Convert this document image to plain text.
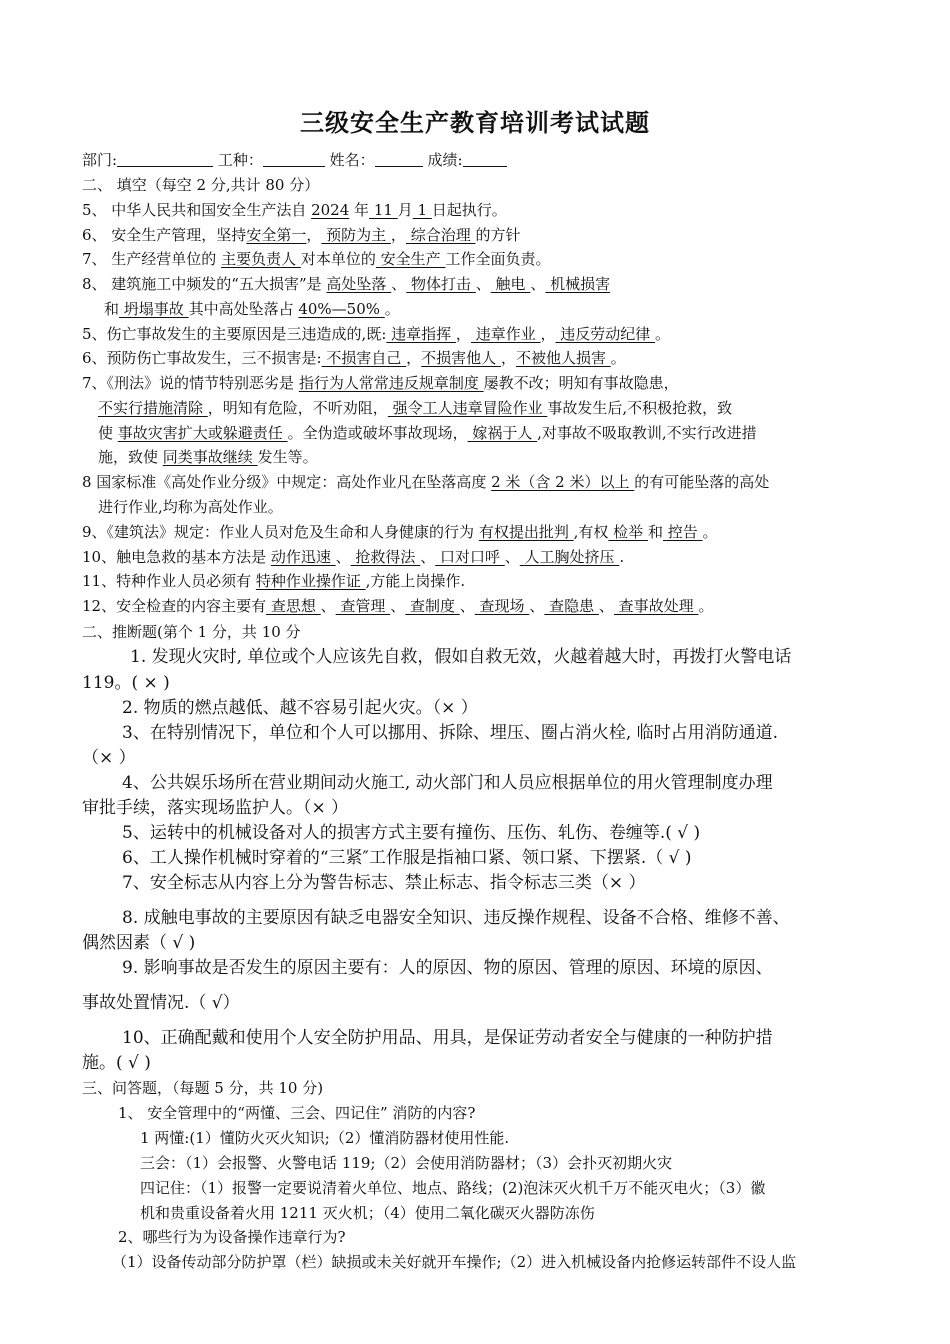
三级安全生产教育培训考试试题
部门:	工种：	姓名：	成绩:
二、 填空（每空 2 分,共计 80 分）
5、 中华人民共和国安全生产法自 2024 年 11 月 1 日起执行。
6、 安全生产管理，坚持安全第一， 预防为主 ， 综合治理 的方针
7、 生产经营单位的 主要负责人 对本单位的 安全生产 工作全面负责。
8、 建筑施工中频发的“五大损害”是 高处坠落 、 物体打击 、 触电 、 机械损害
和 坍塌事故 其中高处坠落占 40%—50% 。
5、伤亡事故发生的主要原因是三违造成的,既: 违章指挥 ， 违章作业 ， 违反劳动纪律 。
6、预防伤亡事故发生，三不损害是: 不损害自己 ，不损害他人 ，不被他人损害 。
7、《刑法》说的情节特别恶劣是 指行为人常常违反规章制度 屡教不改；明知有事故隐患，
不实行措施清除 ，明知有危险，不听劝阻， 强令工人违章冒险作业 事故发生后,不积极抢救，致
使 事故灾害扩大或躲避责任 。全伪造或破坏事故现场， 嫁祸于人 ,对事故不吸取教训,不实行改进措
施，致使 同类事故继续 发生等。
8 国家标准《高处作业分级》中规定：高处作业凡在坠落高度 2 米（含 2 米）以上 的有可能坠落的高处
进行作业,均称为高处作业。
9、《建筑法》规定：作业人员对危及生命和人身健康的行为 有权提出批判 ,有权 检举 和 控告 。
10、触电急救的基本方法是 动作迅速 、 抢救得法 、 口对口呼 、 人工胸处挤压 .
11、特种作业人员必须有 特种作业操作证 ,方能上岗操作.
12、安全检查的内容主要有 查思想 、 查管理 、 查制度 、 查现场 、 查隐患 、 查事故处理 。
二、推断题(第个 1 分，共 10 分
1. 发现火灾时, 单位或个人应该先自救，假如自救无效，火越着越大时，再拨打火警电话
119。( × )
2. 物质的燃点越低、越不容易引起火灾。（× ）
3、在特别情况下，单位和个人可以挪用、拆除、埋压、圈占消火栓, 临时占用消防通道.
（× ）
4、公共娱乐场所在营业期间动火施工, 动火部门和人员应根据单位的用火管理制度办理
审批手续，落实现场监护人。（× ）
5、运转中的机械设备对人的损害方式主要有撞伤、压伤、轧伤、卷缠等.( √ )
6、工人操作机械时穿着的“三紧″工作服是指袖口紧、领口紧、下摆紧.（ √ )
7、安全标志从内容上分为警告标志、禁止标志、指令标志三类（× ）
8. 成触电事故的主要原因有缺乏电器安全知识、违反操作规程、设备不合格、维修不善、
偶然因素（ √ )
9. 影响事故是否发生的原因主要有：人的原因、物的原因、管理的原因、环境的原因、
事故处置情况.（ √）
10、正确配戴和使用个人安全防护用品、用具，是保证劳动者安全与健康的一种防护措
施。( √ )
三、问答题，（每题 5 分，共 10 分)
1、 安全管理中的“两懂、三会、四记住” 消防的内容?
1 两懂:(1）懂防火灭火知识;（2）懂消防器材使用性能.
三会：（1）会报警、火警电话 119;（2）会使用消防器材；（3）会扑灭初期火灾
四记住：（1）报警一定要说清着火单位、地点、路线；(2)泡沫灭火机千万不能灭电火；（3）徽
机和贵重设备着火用 1211 灭火机；（4）使用二氧化碳灭火器防冻伤
2、哪些行为为设备操作违章行为?
（1）设备传动部分防护罩（栏）缺损或未关好就开车操作;（2）进入机械设备内抢修运转部件不设人监
